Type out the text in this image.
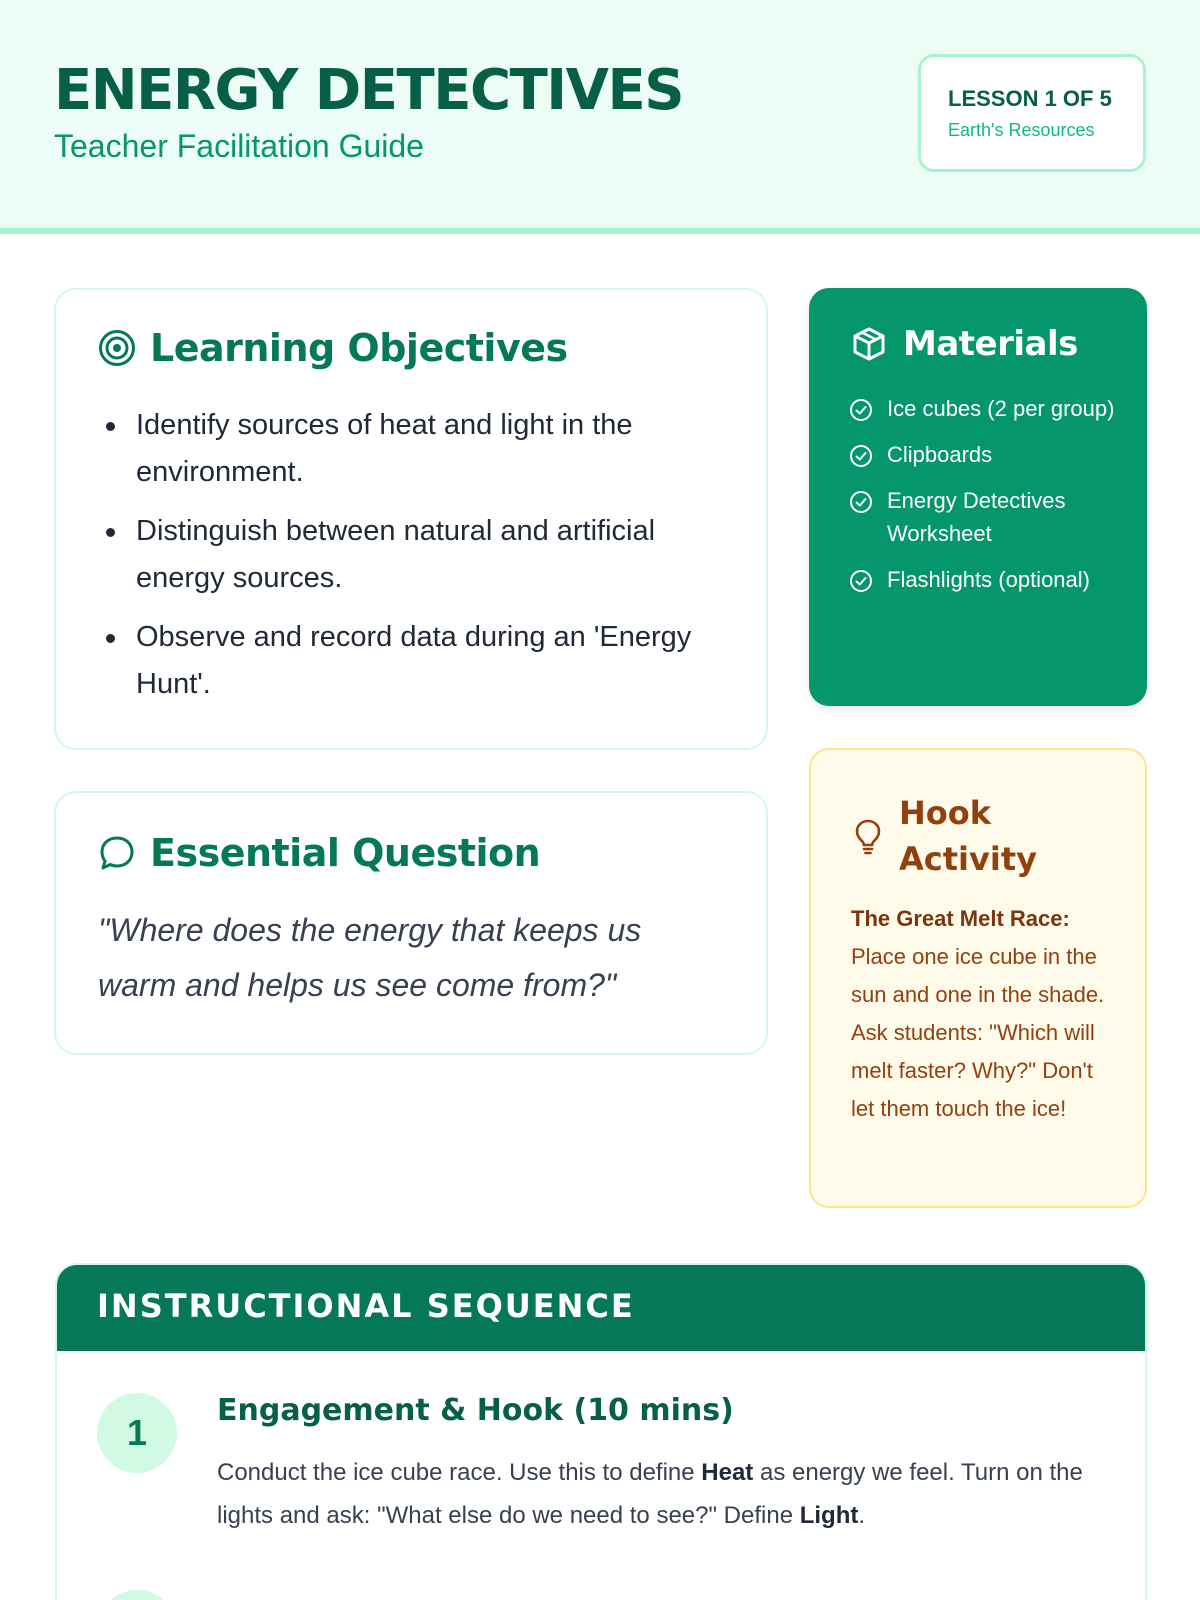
ENERGY DETECTIVES
Teacher Facilitation Guide
LESSON 1 OF 5
Earth's Resources
Learning Objectives
Identify sources of heat and light in the environment.
Distinguish between natural and artificial energy sources.
Observe and record data during an 'Energy Hunt'.
Essential Question
"Where does the energy that keeps us warm and helps us see come from?"
Materials
Ice cubes (2 per group)
Clipboards
Energy Detectives Worksheet
Flashlights (optional)
Hook Activity
The Great Melt Race: Place one ice cube in the sun and one in the shade. Ask students: "Which will melt faster? Why?" Don't let them touch the ice!
INSTRUCTIONAL SEQUENCE
1
Engagement & Hook (10 mins)
Conduct the ice cube race. Use this to define Heat as energy we feel. Turn on the lights and ask: "What else do we need to see?" Define Light.
